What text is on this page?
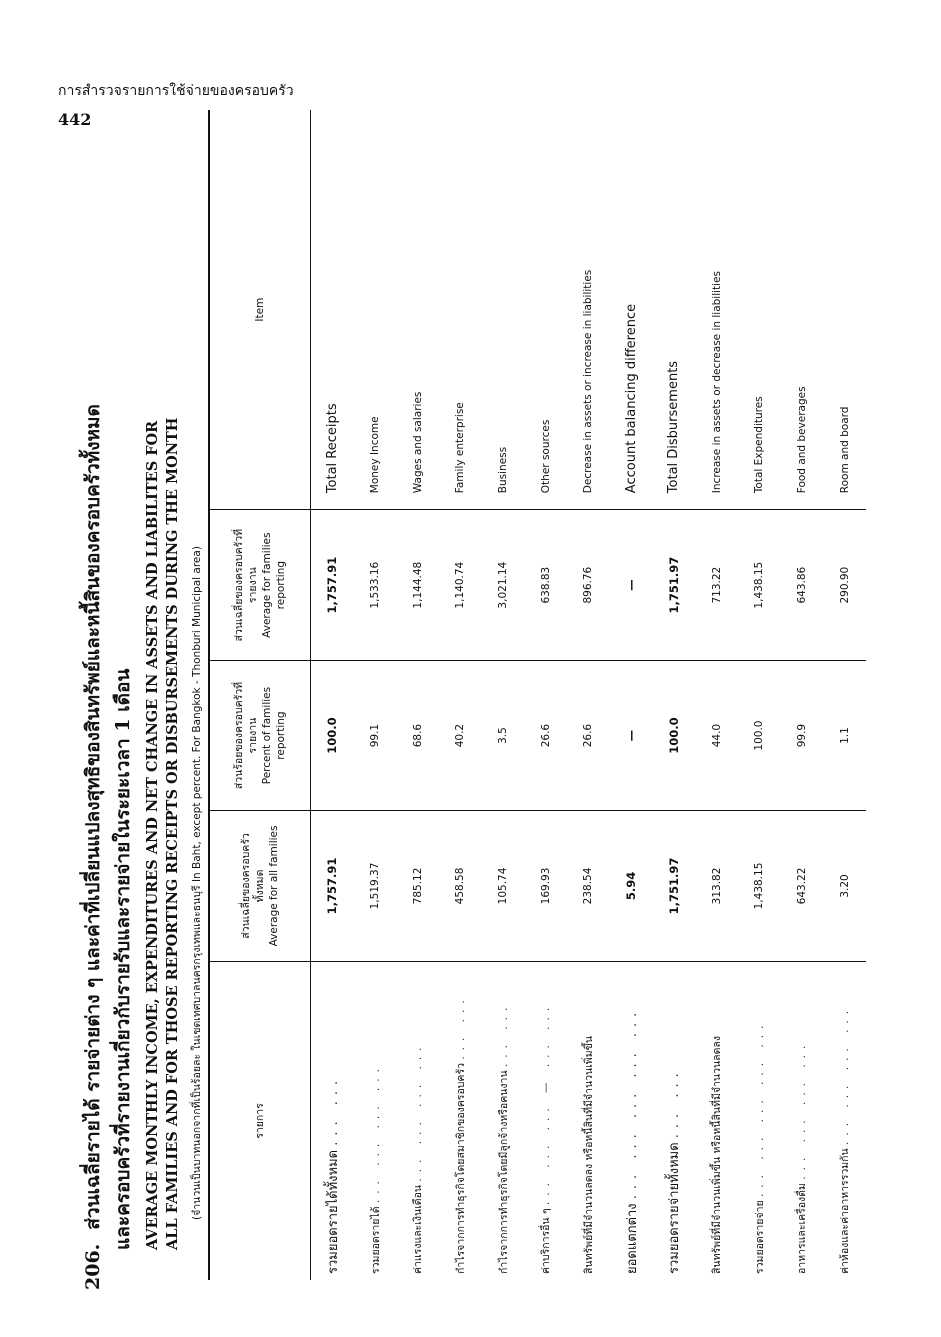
การสำรวจรายการใช้จ่ายของครอบครัว
442
206.ส่วนเฉลี่ยรายได้ รายจ่ายต่าง ๆ และค่าที่เปลี่ยนแปลงสุทธิของสินทรัพย์และหนี้สินของครอบครัวทั้งหมด และครอบครัวที่รายงานเกี่ยวกับรายรับและรายจ่ายในระยะเวลา 1 เดือน AVERAGE MONTHLY INCOME, EXPENDITURES AND NET CHANGE IN ASSETS AND LIABILITES FOR ALL FAMILIES AND FOR THOSE REPORTING RECEIPTS OR DISBURSEMENTS DURING THE MONTH (จำนวนเป็นบาทนอกจากที่เป็นร้อยละ ในเขตเทศบาลนครกรุงเทพและธนบุรี In Baht, except percent. For Bangkok - Thonburi Municipal area)	รายการ	ส่วนเฉลี่ยของครอบครัวทั้งหมด Average for all families	ส่วนร้อยของครอบครัวที่รายงาน Percent of families reporting	ส่วนเฉลี่ยของครอบครัวที่รายงาน Average for families reporting	Item
รวมยอดรายได้ทั้งหมด ... ...	1,757.91	100.0	1,757.91	Total Receipts
รวมยอดรายได้ ... ... ... ...	1,519.37	99.1	1,533.16	Money Income
ค่าแรงและเงินเดือน ... ... ... ...	785.12	68.6	1,144.48	Wages and salaries
กำไรจากการทำธุรกิจโดยสมาชิกของครอบครัว ... ...	458.58	40.2	1,140.74	Family enterprise
กำไรจากการทำธุรกิจโดยมีลูกจ้างหรือคนงาน ... ...	105.74	3.5	3,021.14	Business
ค่าบริการอื่น ๆ ... ... ... — ... ...	169.93	26.6	638.83	Other sources
สินทรัพย์ที่มีจำนวนลดลง หรือหนี้สินที่มีจำนวนเพิ่มขึ้น	238.54	26.6	896.76	Decrease in assets or increase in liabilities
ยอดแตกต่าง ... ... ... ... ...	5.94	—	—	Account balancing difference
รวมยอดรายจ่ายทั้งหมด ... ...	1,751.97	100.0	1,751.97	Total Disbursements
สินทรัพย์ที่มีจำนวนเพิ่มขึ้น หรือหนี้สินที่มีจำนวนลดลง	313.82	44.0	713.22	Increase in assets or decrease in liabilities
รวมยอดรายจ่าย ... ... ... ... ...	1,438.15	100.0	1,438.15	Total Expenditures
อาหารและเครื่องดื่ม ... ... ... ...	643.22	99.9	643.86	Food and beverages
ค่าห้องและค่าอาหารรวมกัน ... ... ... ...	3.20	1.1	290.90	Room and board
